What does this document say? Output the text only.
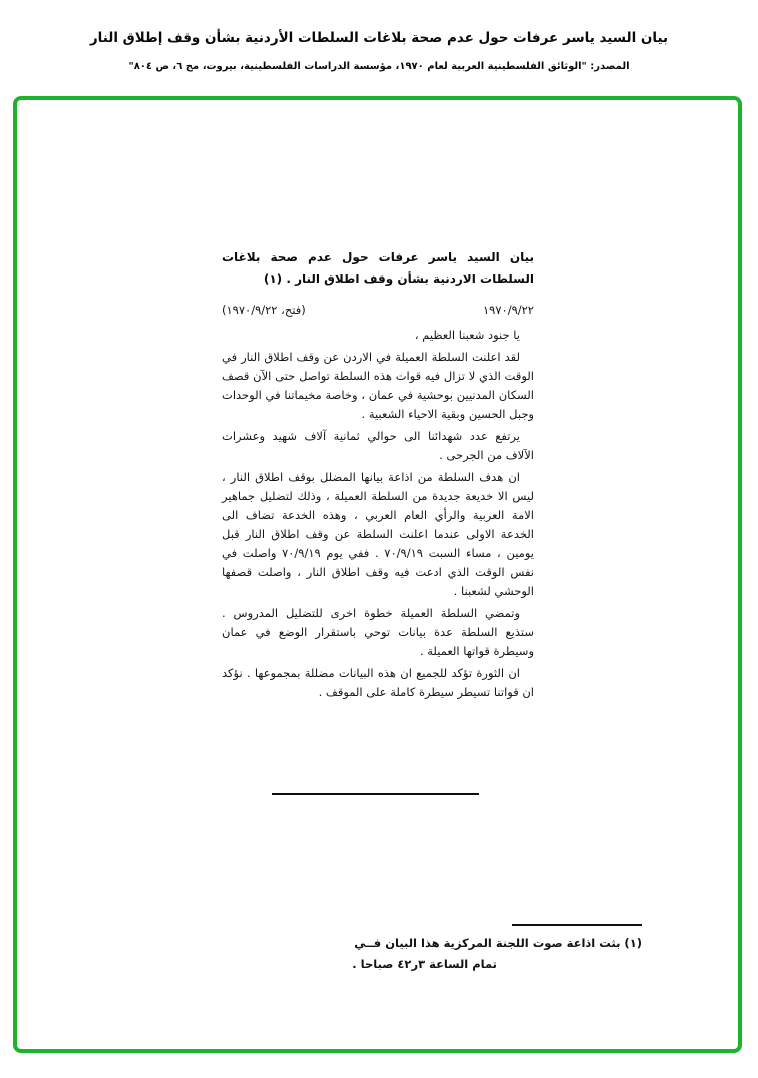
بيان السيد ياسر عرفات حول عدم صحة بلاغات السلطات الأردنية بشأن وقف إطلاق النار
المصدر: "الوثائق الفلسطينية العربية لعام ١٩٧٠، مؤسسة الدراسات الفلسطينية، بيروت، مج ٦، ص ٨٠٤"
بيان السيد ياسر عرفات حول عدم صحة بلاغات السلطات الاردنية بشأن وقف اطلاق النار . (١)
١٩٧٠/٩/٢٢
(فتح، ١٩٧٠/٩/٢٢)

يا جنود شعبنا العظيم ،

لقد اعلنت السلطة العميلة في الاردن عن وقف اطلاق النار في الوقت الذي لا تزال فيه قوات هذه السلطة تواصل حتى الآن قصف السكان المدنيين بوحشية في عمان ، وخاصة مخيماتنا في الوحدات وجبل الحسين وبقية الاحياء الشعبية .

يرتفع عدد شهدائنا الى حوالي ثمانية آلاف شهيد وعشرات الآلاف من الجرحى .

ان هدف السلطة من اذاعة بيانها المضلل بوقف اطلاق النار ، ليس الا خديعة جديدة من السلطة العميلة ، وذلك لتضليل جماهير الامة العربية والرأي العام العربي ، وهذه الخدعة تضاف الى الخدعة الاولى عندما اعلنت السلطة عن وقف اطلاق النار قبل يومين ، مساء السبت ٧٠/٩/١٩ . ففي يوم ٧٠/٩/١٩ واصلت في نفس الوقت الذي ادعت فيه وقف اطلاق النار ، واصلت قصفها الوحشي لشعبنا .

وتمضي السلطة العميلة خطوة اخرى للتضليل المدروس . ستذيع السلطة عدة بيانات توحي باستقرار الوضع في عمان وسيطرة قواتها العميلة .

ان الثورة تؤكد للجميع ان هذه البيانات مضللة بمجموعها . نؤكد ان قواتنا تسيطر سيطرة كاملة على الموقف .

(١) بثت اذاعة صوت اللجنة المركزية هذا البيان فــي
تمام الساعة ٣ر٤٢ صباحا .
